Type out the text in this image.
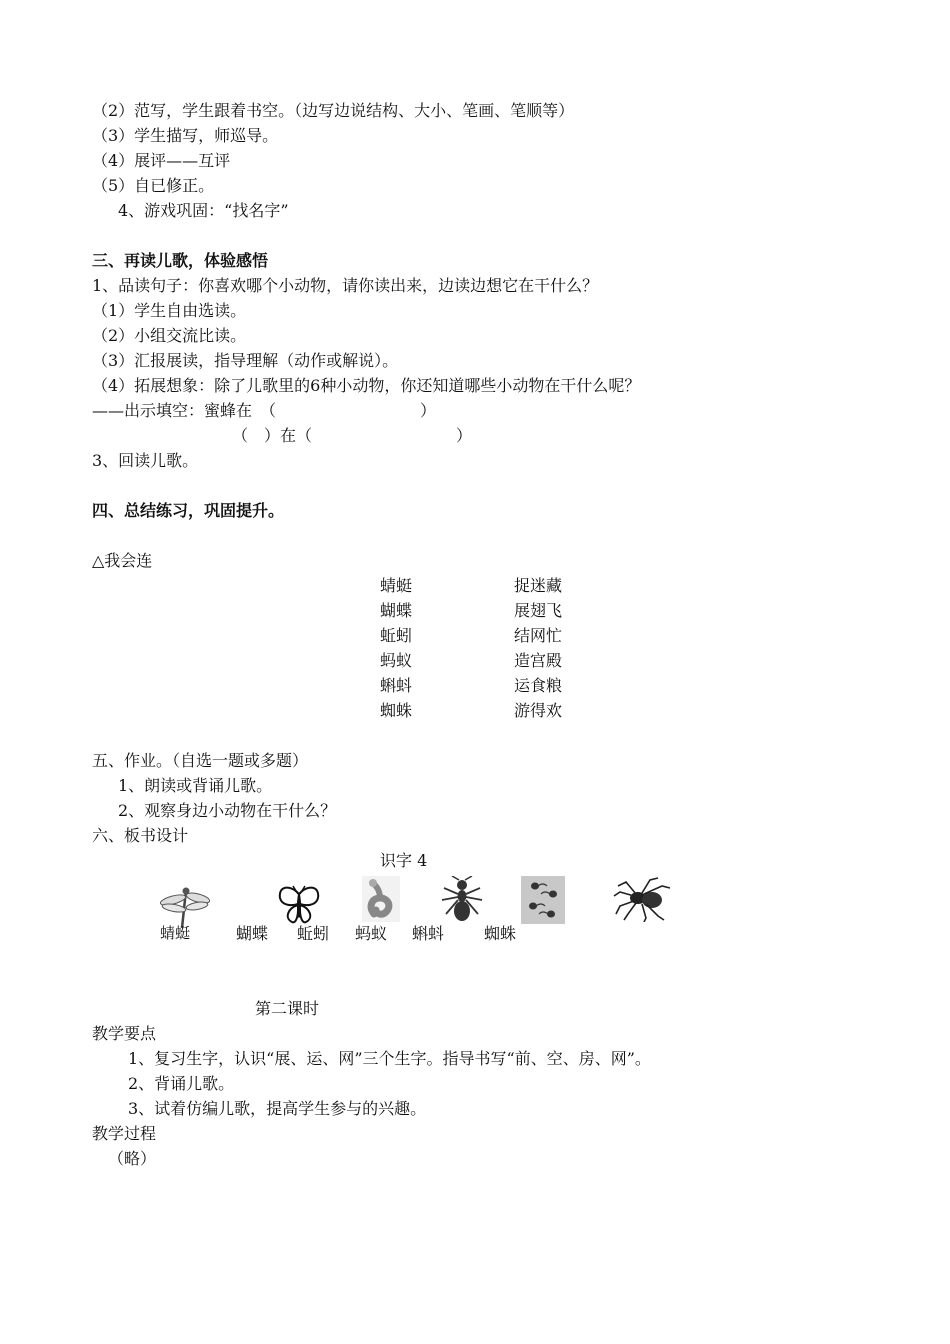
（2）范写，学生跟着书空。（边写边说结构、大小、笔画、笔顺等）
（3）学生描写，师巡导。
（4）展评——互评
（5）自已修正。
4、游戏巩固：“找名字”
三、再读儿歌，体验感悟
1、品读句子：你喜欢哪个小动物，请你读出来，边读边想它在干什么？
（1）学生自由选读。
（2）小组交流比读。
（3）汇报展读，指导理解（动作或解说）。
（4）拓展想象：除了儿歌里的6种小动物，你还知道哪些小动物在干什么呢？
——出示填空：蜜蜂在　（　　　　　　　　　）
（　）在（　　　　　　　　　）
3、回读儿歌。
四、总结练习，巩固提升。
△我会连
蜻蜓
蝴蝶
蚯蚓
蚂蚁
蝌蚪
蜘蛛
捉迷藏
展翅飞
结网忙
造宫殿
运食粮
游得欢
五、作业。（自选一题或多题）
1、朗读或背诵儿歌。
2、观察身边小动物在干什么？
六、板书设计
识字 4
蜻蜓	蝴蝶 蚯蚓 蚂蚁 蝌蚪 蜘蛛
第二课时
教学要点
1、复习生字，认识“展、运、网”三个生字。指导书写“前、空、房、网”。
2、背诵儿歌。
3、试着仿编儿歌，提高学生参与的兴趣。
教学过程
（略）
